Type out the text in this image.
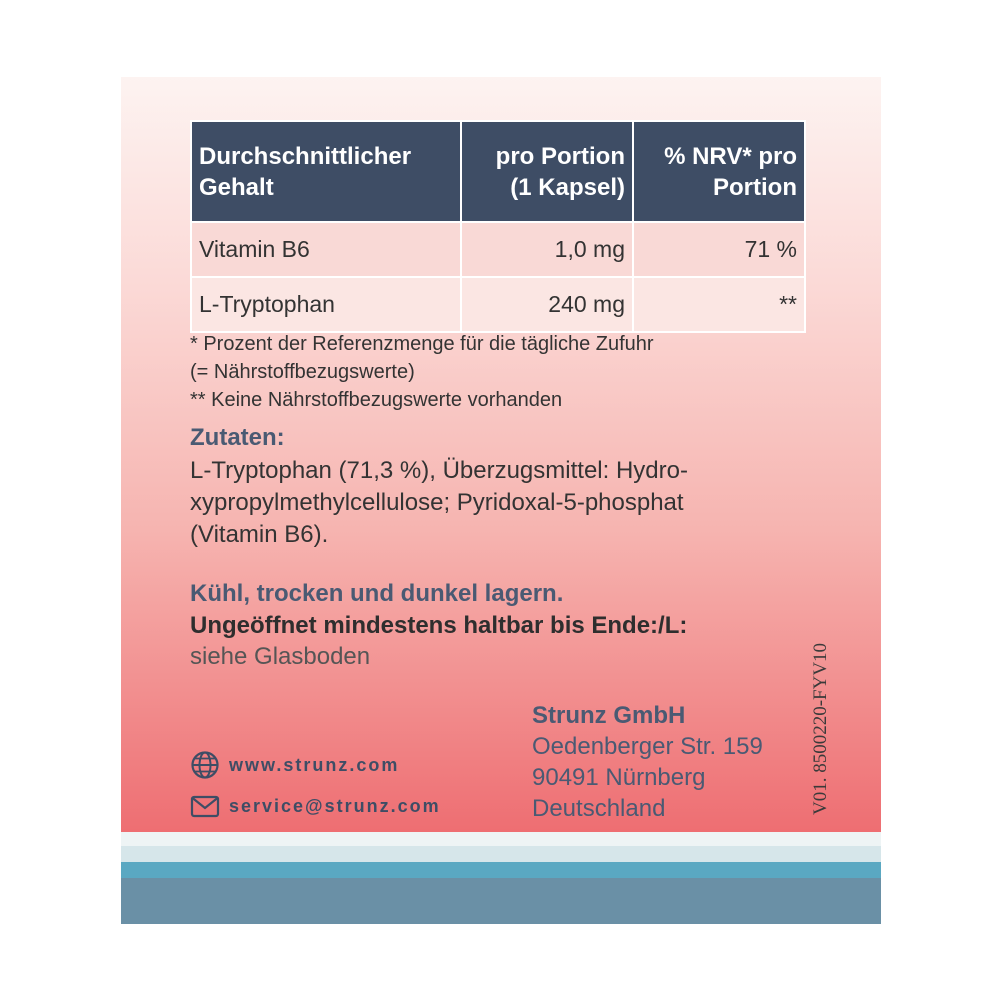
Durchschnittlicher Gehalt	pro Portion (1 Kapsel)	% NRV* pro Portion
Vitamin B6	1,0 mg	71 %
L-Tryptophan	240 mg	**
* Prozent der Referenzmenge für die tägliche Zufuhr
(= Nährstoffbezugswerte)
** Keine Nährstoffbezugswerte vorhanden
Zutaten:
L-Tryptophan (71,3 %), Überzugsmittel: Hydro-
xypropylmethylcellulose; Pyridoxal-5-phosphat
(Vitamin B6).
Kühl, trocken und dunkel lagern.
Ungeöffnet mindestens haltbar bis Ende:/L:
siehe Glasboden
Strunz GmbH
Oedenberger Str. 159
90491 Nürnberg
Deutschland
www.strunz.com
service@strunz.com	V01. 8500220-FYV10
